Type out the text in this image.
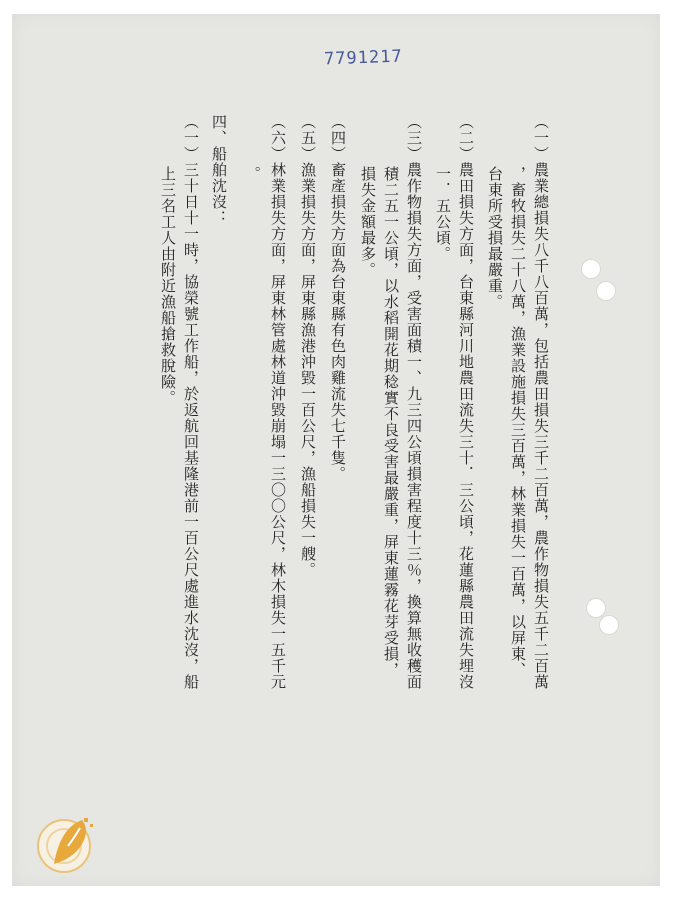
7791217
（一）農業總損失八千八百萬，包括農田損失三千二百萬，農作物損失五千二百萬
，畜牧損失二十八萬，漁業設施損失三百萬，林業損失一百萬，以屏東、
台東所受損最嚴重。
（二）農田損失方面，台東縣河川地農田流失三十．三公頃，花蓮縣農田流失埋沒
一．五公頃。
（三）農作物損失方面，受害面積一、九三四公頃損害程度十三％，換算無收穫面
積二五一公頃，以水稻開花期稔實不良受害最嚴重，屏東蓮霧花芽受損，
損失金額最多。
（四）畜產損失方面為台東縣有色肉雞流失七千隻。
（五）漁業損失方面，屏東縣漁港沖毀一百公尺，漁船損失一艘。
（六）林業損失方面，屏東林管處林道沖毀崩塌一三〇〇公尺，林木損失一五千元
。
四、船舶沈沒：
（一）三十日十一時，協榮號工作船，於返航回基隆港前一百公尺處進水沈沒，船
上三名工人由附近漁船搶救脫險。
